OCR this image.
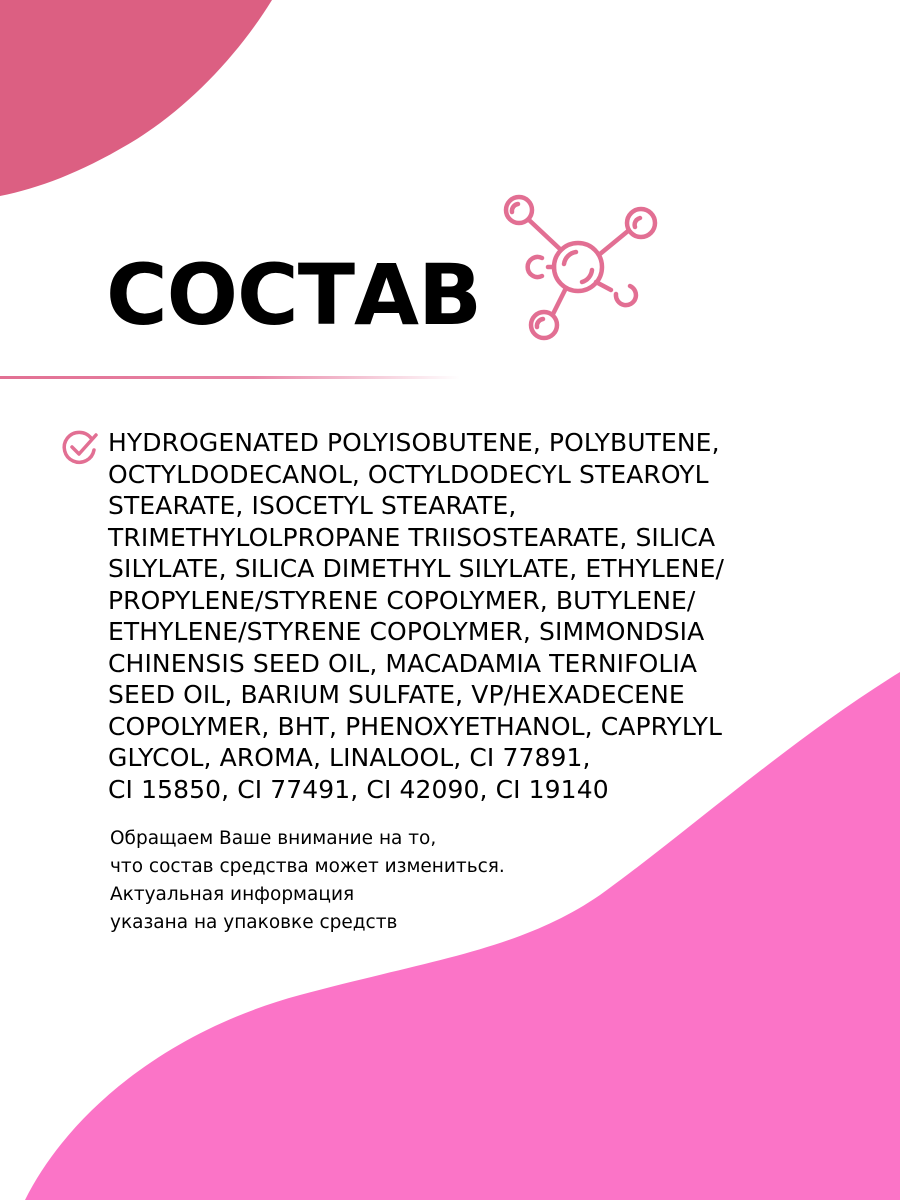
СОСТАВ

HYDROGENATED POLYISOBUTENE, POLYBUTENE,
OCTYLDODECANOL, OCTYLDODECYL STEAROYL
STEARATE, ISOCETYL STEARATE,
TRIMETHYLOLPROPANE TRIISOSTEARATE, SILICA
SILYLATE, SILICA DIMETHYL SILYLATE, ETHYLENE/
PROPYLENE/STYRENE COPOLYMER, BUTYLENE/
ETHYLENE/STYRENE COPOLYMER, SIMMONDSIA
CHINENSIS SEED OIL, MACADAMIA TERNIFOLIA
SEED OIL, BARIUM SULFATE, VP/HEXADECENE
COPOLYMER, BHT, PHENOXYETHANOL, CAPRYLYL
GLYCOL, AROMA, LINALOOL, CI 77891,
CI 15850, CI 77491, CI 42090, CI 19140

Обращаем Ваше внимание на то,
что состав средства может измениться.
Актуальная информация
указана на упаковке средств
